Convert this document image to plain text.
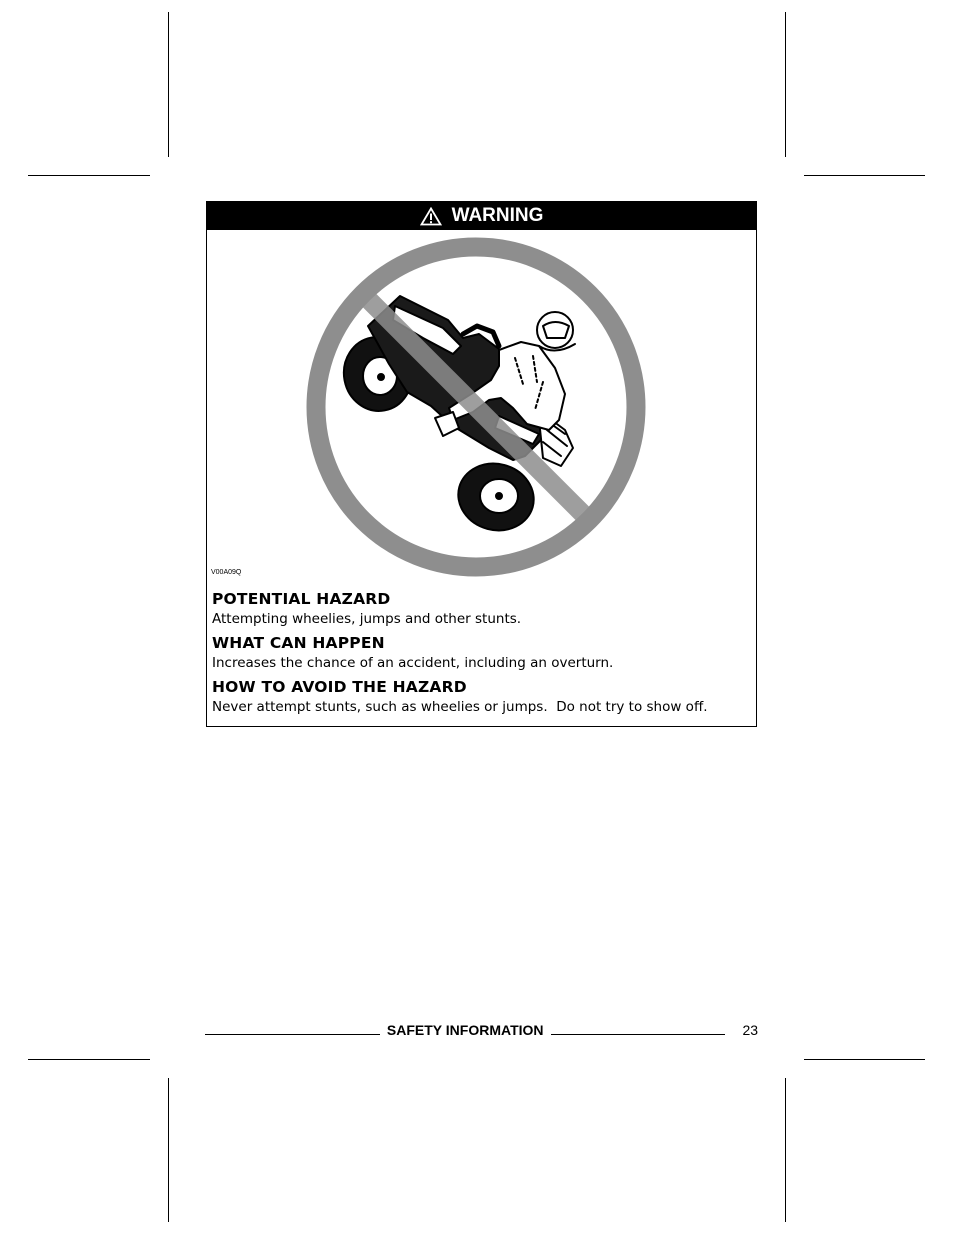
WARNING
V00A09Q
POTENTIAL HAZARD

Attempting wheelies, jumps and other stunts.

WHAT CAN HAPPEN

Increases the chance of an accident, including an overturn.

HOW TO AVOID THE HAZARD

Never attempt stunts, such as wheelies or jumps.  Do not try to show off.

SAFETY INFORMATION	23
